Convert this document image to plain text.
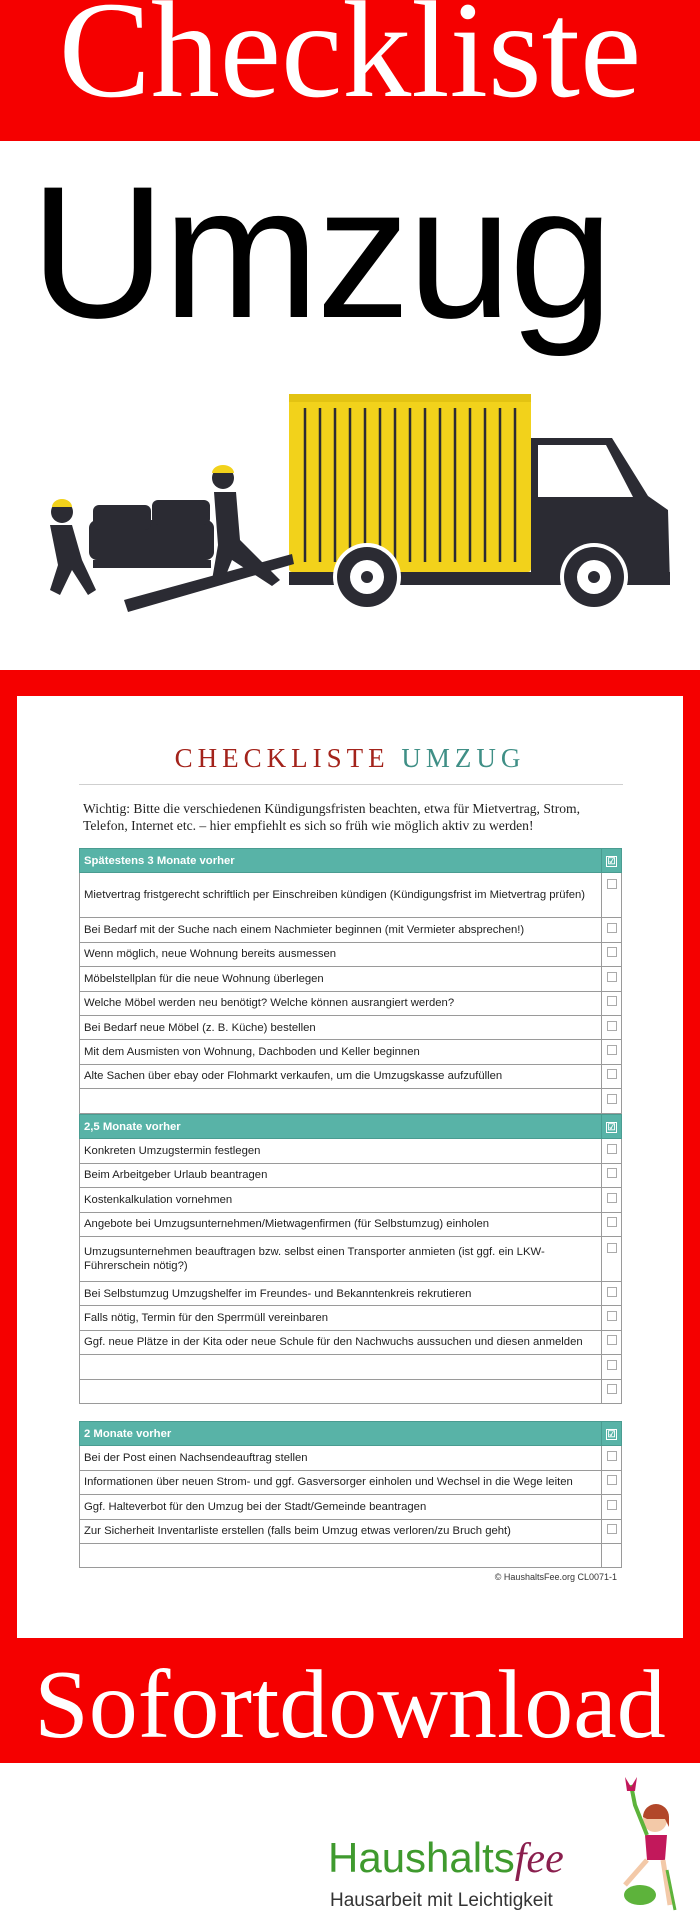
Checkliste
Umzug
CHECKLISTE UMZUG
Wichtig: Bitte die verschiedenen Kündigungsfristen beachten, etwa für Mietvertrag, Strom, Telefon, Internet etc. – hier empfiehlt es sich so früh wie möglich aktiv zu werden!
Spätestens 3 Monate vorher	☑
Mietvertrag fristgerecht schriftlich per Einschreiben kündigen (Kündigungsfrist im Mietvertrag prüfen)	
Bei Bedarf mit der Suche nach einem Nachmieter beginnen (mit Vermieter absprechen!)	
Wenn möglich, neue Wohnung bereits ausmessen	
Möbelstellplan für die neue Wohnung überlegen	
Welche Möbel werden neu benötigt? Welche können ausrangiert werden?	
Bei Bedarf neue Möbel (z. B. Küche) bestellen	
Mit dem Ausmisten von Wohnung, Dachboden und Keller beginnen	
Alte Sachen über ebay oder Flohmarkt verkaufen, um die Umzugskasse aufzufüllen	

2,5 Monate vorher	☑
Konkreten Umzugstermin festlegen	
Beim Arbeitgeber Urlaub beantragen	
Kostenkalkulation vornehmen	
Angebote bei Umzugsunternehmen/Mietwagenfirmen (für Selbstumzug) einholen	
Umzugsunternehmen beauftragen bzw. selbst einen Transporter anmieten (ist ggf. ein LKW-Führerschein nötig?)	
Bei Selbstumzug Umzugshelfer im Freundes- und Bekanntenkreis rekrutieren	
Falls nötig, Termin für den Sperrmüll vereinbaren	
Ggf. neue Plätze in der Kita oder neue Schule für den Nachwuchs aussuchen und diesen anmelden	

2 Monate vorher	☑
Bei der Post einen Nachsendeauftrag stellen	
Informationen über neuen Strom- und ggf. Gasversorger einholen und Wechsel in die Wege leiten	
Ggf. Halteverbot für den Umzug bei der Stadt/Gemeinde beantragen	
Zur Sicherheit Inventarliste erstellen (falls beim Umzug etwas verloren/zu Bruch geht)	

© HaushaltsFee.org CL0071-1
Sofortdownload
Haushaltsfee
Hausarbeit mit Leichtigkeit
